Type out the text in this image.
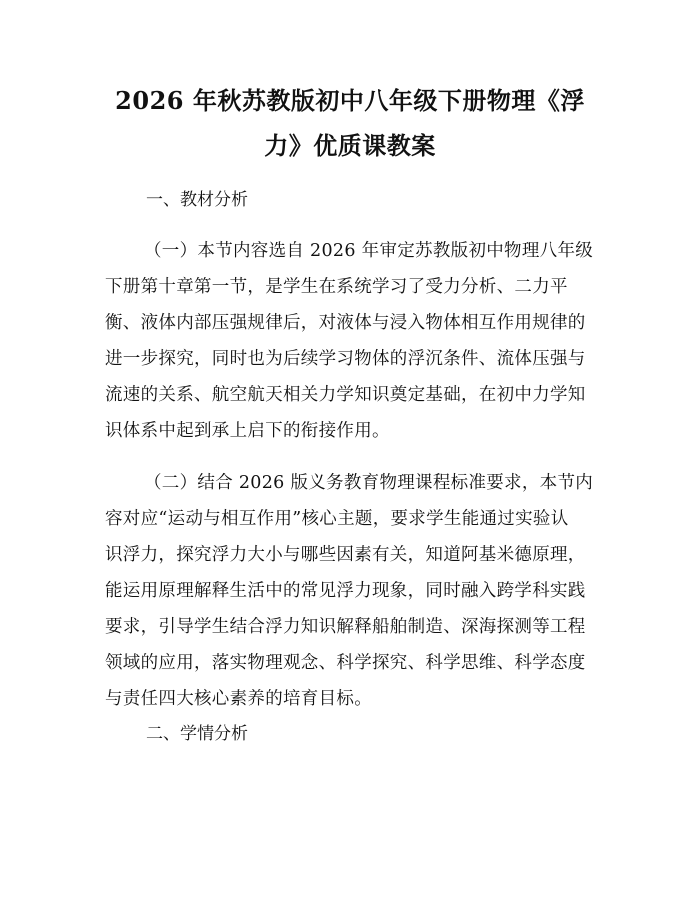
2026 年秋苏教版初中八年级下册物理《浮
力》优质课教案
一、教材分析
（一）本节内容选自 2026 年审定苏教版初中物理八年级
下册第十章第一节，是学生在系统学习了受力分析、二力平
衡、液体内部压强规律后，对液体与浸入物体相互作用规律的
进一步探究，同时也为后续学习物体的浮沉条件、流体压强与
流速的关系、航空航天相关力学知识奠定基础，在初中力学知
识体系中起到承上启下的衔接作用。
（二）结合 2026 版义务教育物理课程标准要求，本节内
容对应“运动与相互作用”核心主题，要求学生能通过实验认
识浮力，探究浮力大小与哪些因素有关，知道阿基米德原理，
能运用原理解释生活中的常见浮力现象，同时融入跨学科实践
要求，引导学生结合浮力知识解释船舶制造、深海探测等工程
领域的应用，落实物理观念、科学探究、科学思维、科学态度
与责任四大核心素养的培育目标。
二、学情分析
